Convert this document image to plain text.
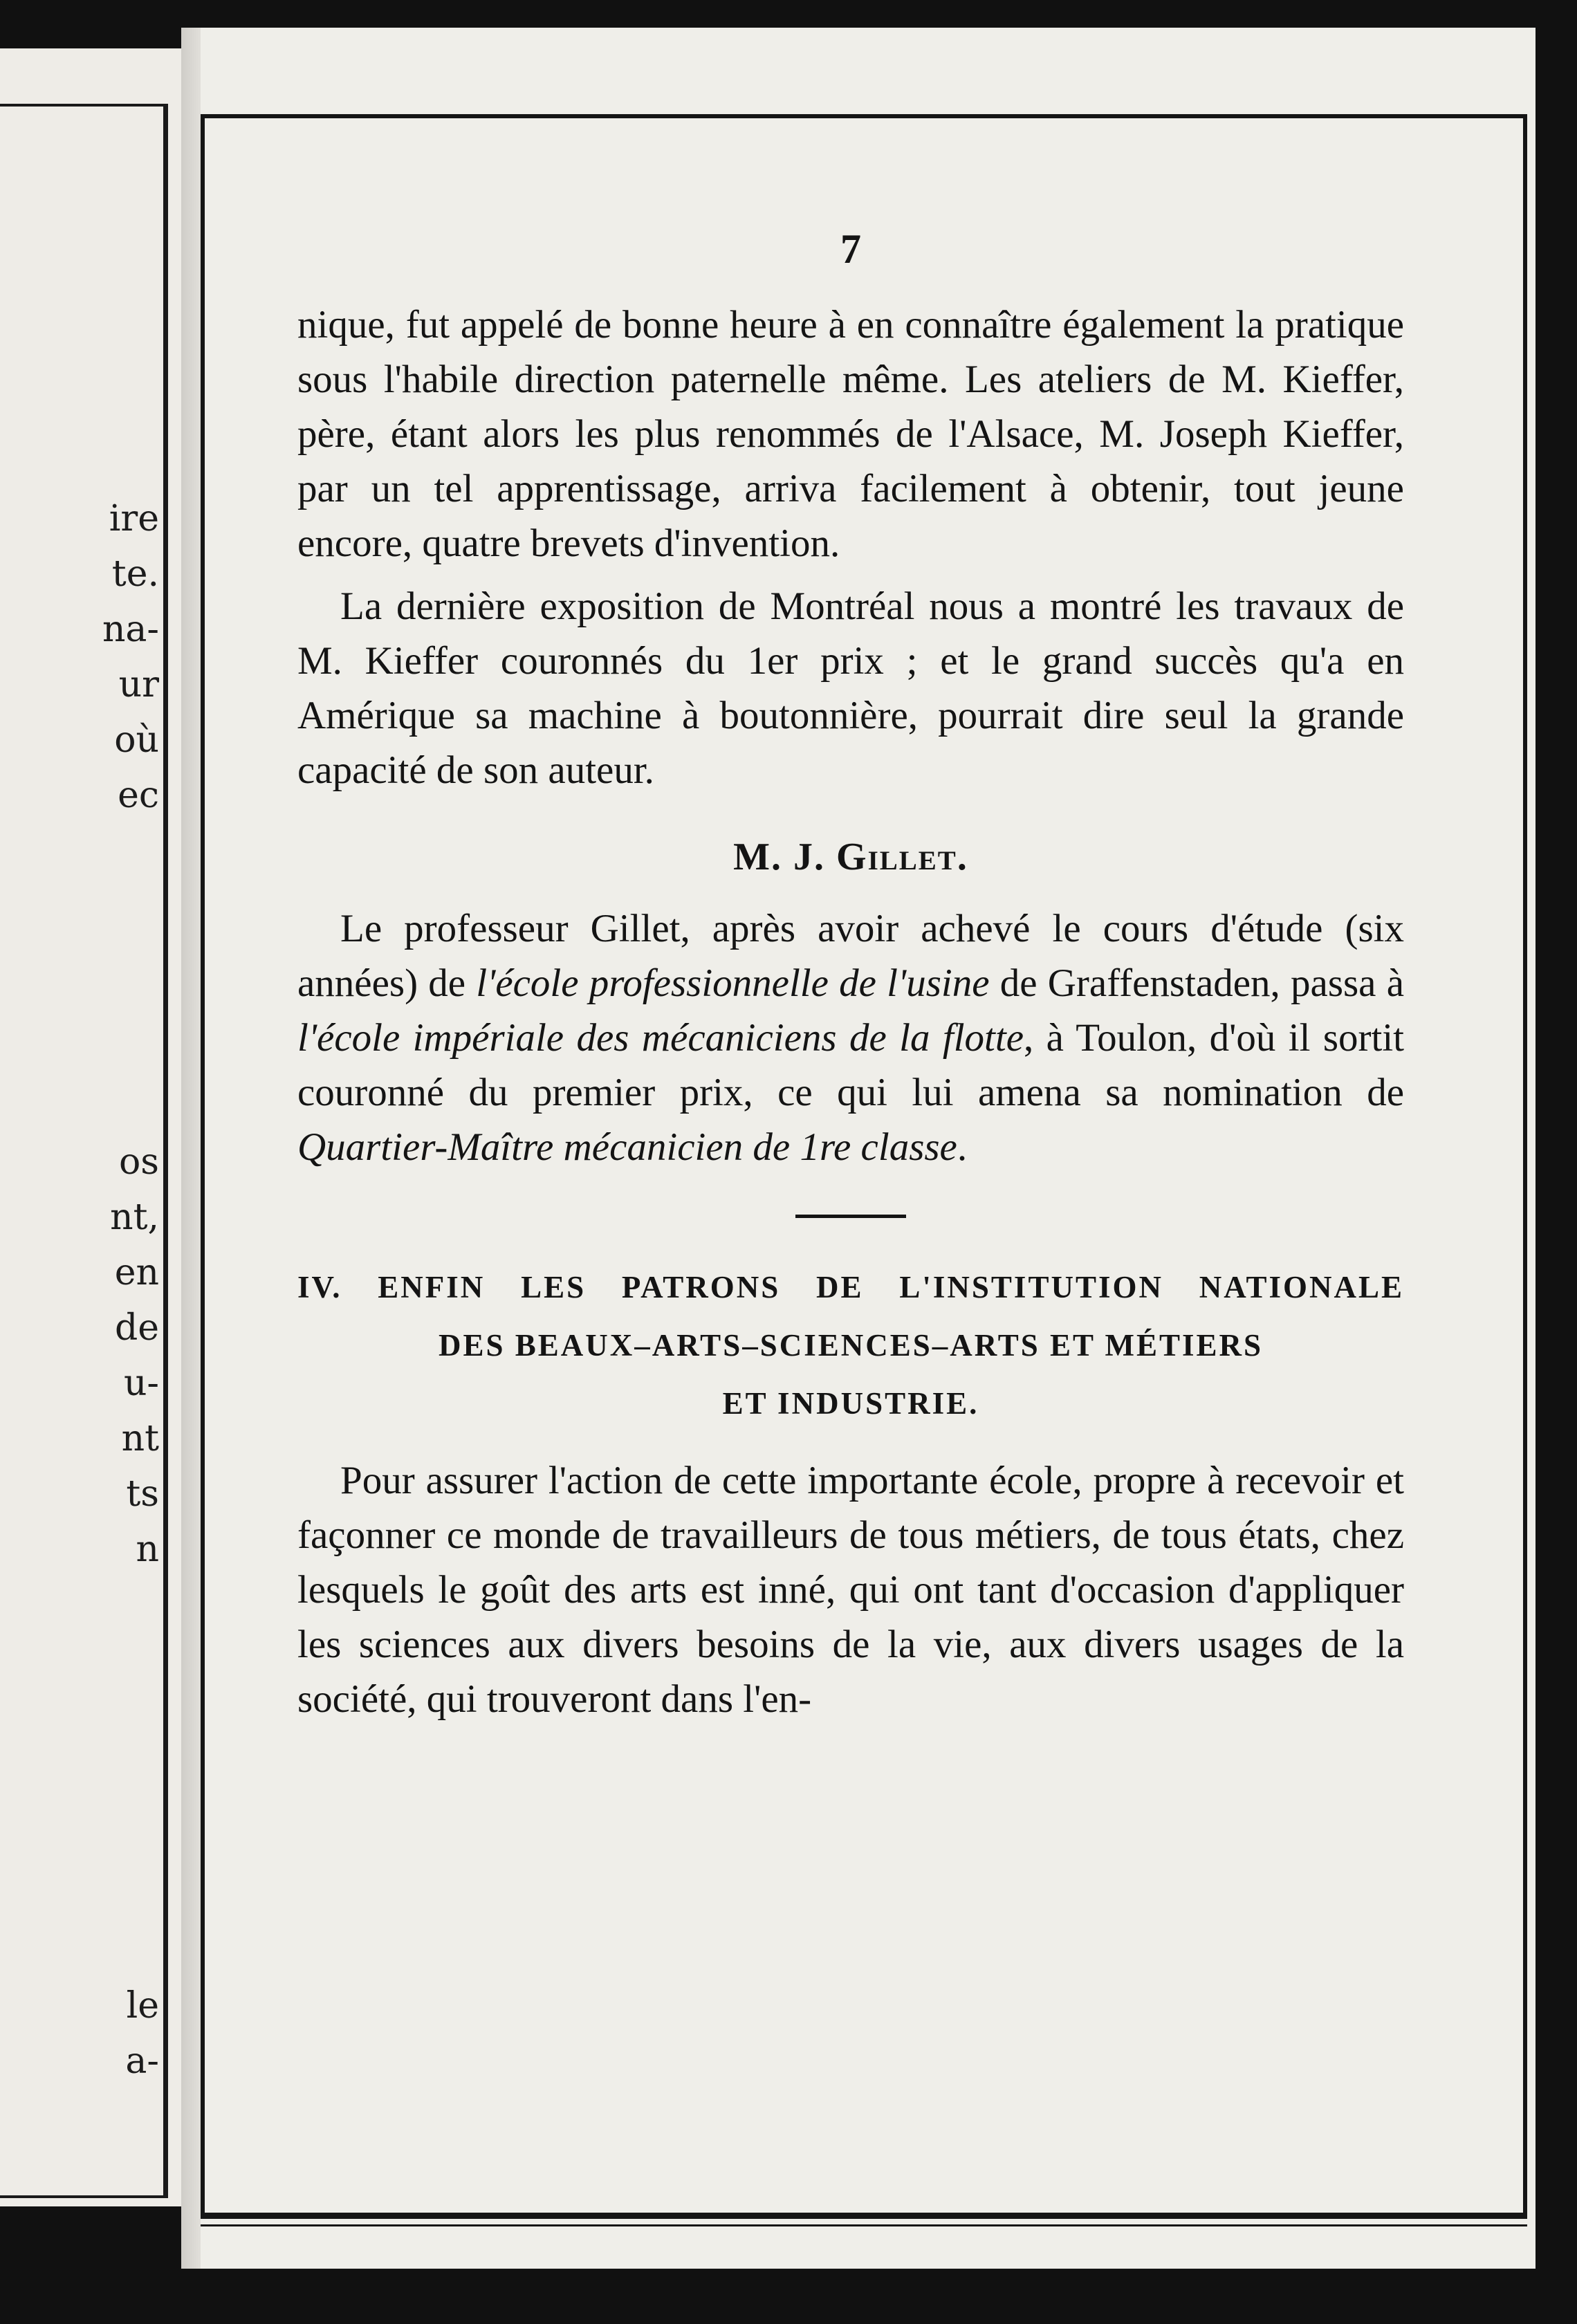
ire
te.
na-
ur
où
ec
os
nt,
en
de
u-
nt
ts
n
le
a-
7

nique, fut appelé de bonne heure à en connaître également la pratique sous l'habile direction paternelle même. Les ateliers de M. Kieffer, père, étant alors les plus renommés de l'Alsace, M. Joseph Kieffer, par un tel apprentissage, arriva facilement à obtenir, tout jeune encore, quatre brevets d'invention.

La dernière exposition de Montréal nous a montré les travaux de M. Kieffer couronnés du 1er prix ; et le grand succès qu'a en Amérique sa machine à boutonnière, pourrait dire seul la grande capacité de son auteur.

M. J. Gillet.

Le professeur Gillet, après avoir achevé le cours d'étude (six années) de l'école professionnelle de l'usine de Graffenstaden, passa à l'école impériale des mécaniciens de la flotte, à Toulon, d'où il sortit couronné du premier prix, ce qui lui amena sa nomination de Quartier-Maître mécanicien de 1re classe.

IV. ENFIN LES PATRONS DE L'INSTITUTION NATIONALE
DES BEAUX–ARTS–SCIENCES–ARTS ET MÉTIERS
ET INDUSTRIE.

Pour assurer l'action de cette importante école, propre à recevoir et façonner ce monde de travailleurs de tous métiers, de tous états, chez lesquels le goût des arts est inné, qui ont tant d'occasion d'appliquer les sciences aux divers besoins de la vie, aux divers usages de la société, qui trouveront dans l'en-
